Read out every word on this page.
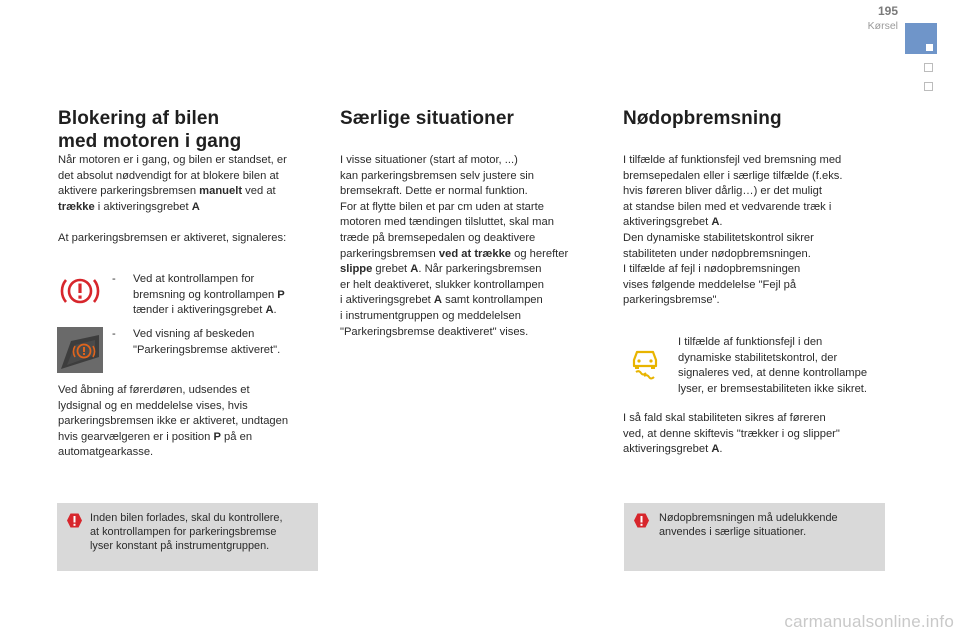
195
Kørsel
Blokering af bilen
med motoren i gang

Når motoren er i gang, og bilen er standset, er
det absolut nødvendigt for at blokere bilen at
aktivere parkeringsbremsen manuelt ved at
trække i aktiveringsgrebet A

At parkeringsbremsen er aktiveret, signaleres:

- Ved at kontrollampen for
bremsning og kontrollampen P
tænder i aktiveringsgrebet A.

- Ved visning af beskeden
"Parkeringsbremse aktiveret".

Ved åbning af førerdøren, udsendes et
lydsignal og en meddelelse vises, hvis
parkeringsbremsen ikke er aktiveret, undtagen
hvis gearvælgeren er i position P på en
automatgearkasse.

Inden bilen forlades, skal du kontrollere,
at kontrollampen for parkeringsbremse
lyser konstant på instrumentgruppen.

Særlige situationer

I visse situationer (start af motor, ...)
kan parkeringsbremsen selv justere sin
bremsekraft. Dette er normal funktion.
For at flytte bilen et par cm uden at starte
motoren med tændingen tilsluttet, skal man
træde på bremsepedalen og deaktivere
parkeringsbremsen ved at trække og herefter
slippe grebet A. Når parkeringsbremsen
er helt deaktiveret, slukker kontrollampen
i aktiveringsgrebet A samt kontrollampen
i instrumentgruppen og meddelelsen
"Parkeringsbremse deaktiveret" vises.

Nødopbremsning

I tilfælde af funktionsfejl ved bremsning med
bremsepedalen eller i særlige tilfælde (f.eks.
hvis føreren bliver dårlig…) er det muligt
at standse bilen med et vedvarende træk i
aktiveringsgrebet A.
Den dynamiske stabilitetskontrol sikrer
stabiliteten under nødopbremsningen.
I tilfælde af fejl i nødopbremsningen
vises følgende meddelelse "Fejl på
parkeringsbremse".

I tilfælde af funktionsfejl i den
dynamiske stabilitetskontrol, der
signaleres ved, at denne kontrollampe
lyser, er bremsestabiliteten ikke sikret.

I så fald skal stabiliteten sikres af føreren
ved, at denne skiftevis "trækker i og slipper"
aktiveringsgrebet A.

Nødopbremsningen må udelukkende
anvendes i særlige situationer.

carmanualsonline.info
